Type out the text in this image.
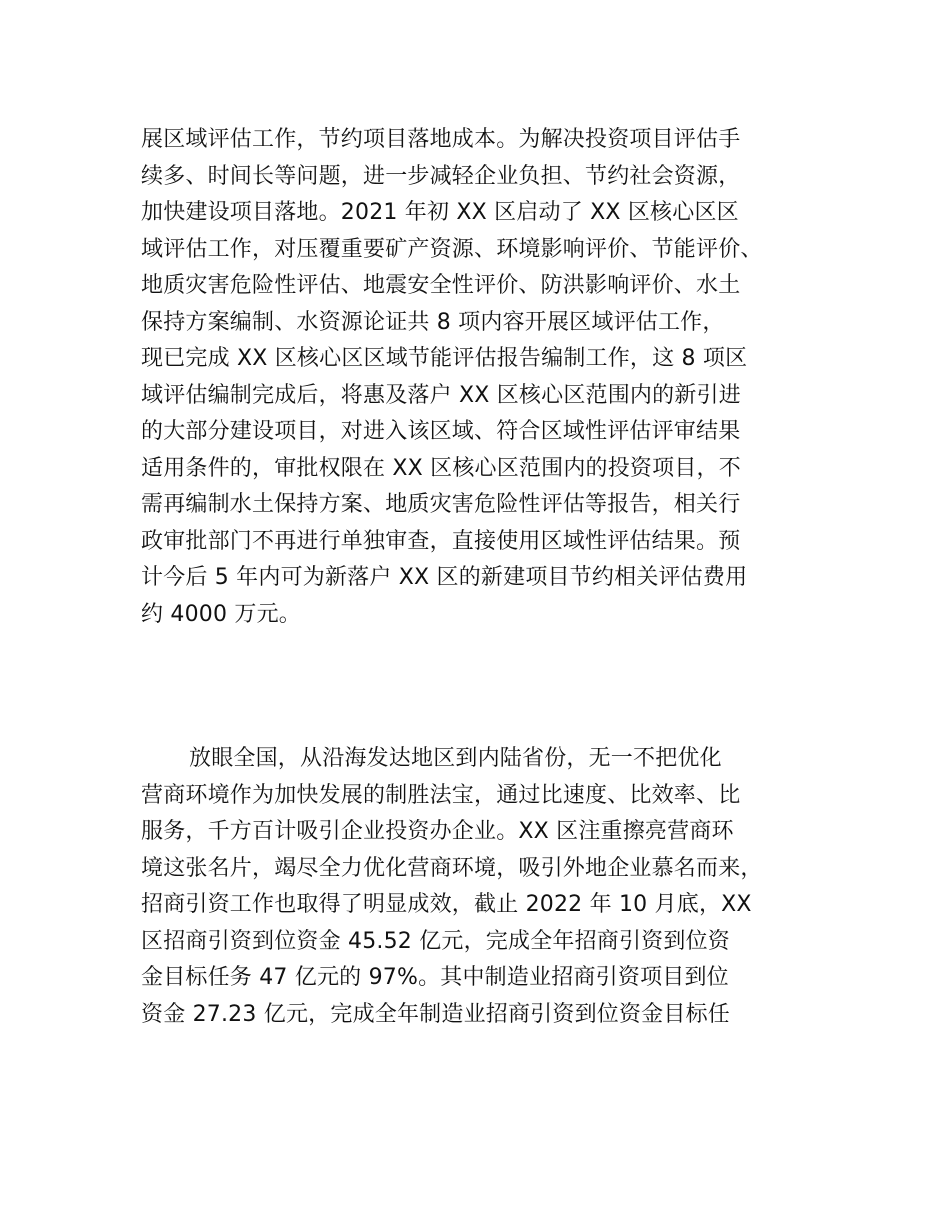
展区域评估工作，节约项目落地成本。为解决投资项目评估手
续多、时间长等问题，进一步减轻企业负担、节约社会资源，
加快建设项目落地。2021 年初 XX 区启动了 XX 区核心区区
域评估工作，对压覆重要矿产资源、环境影响评价、节能评价、
地质灾害危险性评估、地震安全性评价、防洪影响评价、水土
保持方案编制、水资源论证共 8 项内容开展区域评估工作，
现已完成 XX 区核心区区域节能评估报告编制工作，这 8 项区
域评估编制完成后，将惠及落户 XX 区核心区范围内的新引进
的大部分建设项目，对进入该区域、符合区域性评估评审结果
适用条件的，审批权限在 XX 区核心区范围内的投资项目，不
需再编制水土保持方案、地质灾害危险性评估等报告，相关行
政审批部门不再进行单独审查，直接使用区域性评估结果。预
计今后 5 年内可为新落户 XX 区的新建项目节约相关评估费用
约 4000 万元。
放眼全国，从沿海发达地区到内陆省份，无一不把优化
营商环境作为加快发展的制胜法宝，通过比速度、比效率、比
服务，千方百计吸引企业投资办企业。XX 区注重擦亮营商环
境这张名片，竭尽全力优化营商环境，吸引外地企业慕名而来，
招商引资工作也取得了明显成效，截止 2022 年 10 月底，XX
区招商引资到位资金 45.52 亿元，完成全年招商引资到位资
金目标任务 47 亿元的 97%。其中制造业招商引资项目到位
资金 27.23 亿元，完成全年制造业招商引资到位资金目标任
